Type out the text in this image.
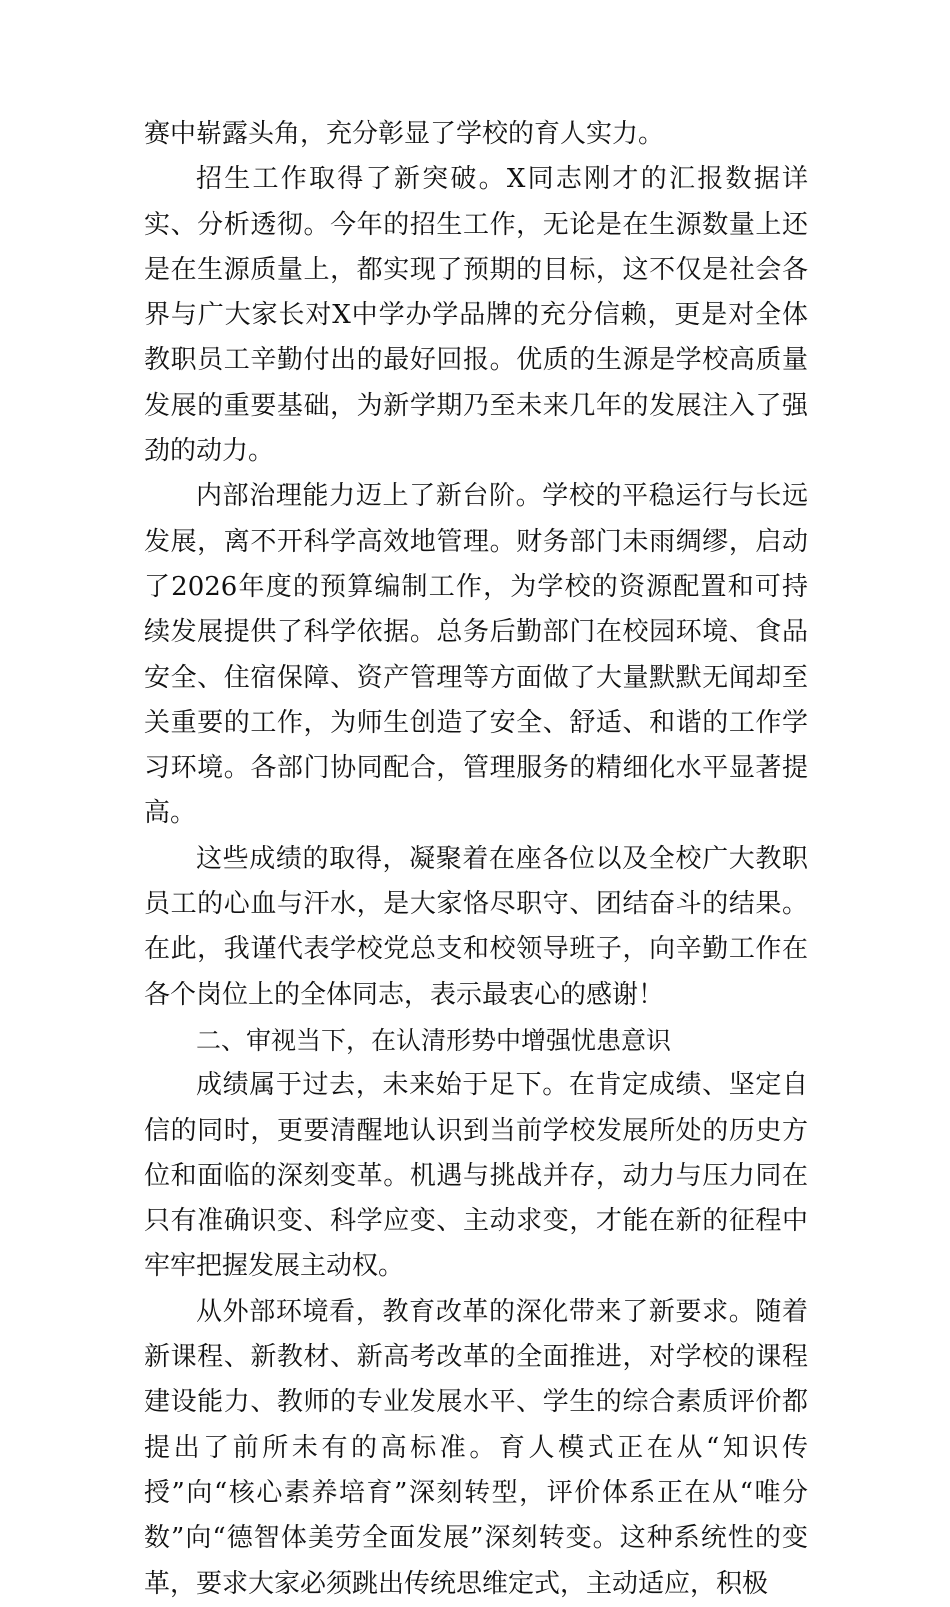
赛中崭露头角，充分彰显了学校的育人实力。

招生工作取得了新突破。X同志刚才的汇报数据详实、分析透彻。今年的招生工作，无论是在生源数量上还是在生源质量上，都实现了预期的目标，这不仅是社会各界与广大家长对X中学办学品牌的充分信赖，更是对全体教职员工辛勤付出的最好回报。优质的生源是学校高质量发展的重要基础，为新学期乃至未来几年的发展注入了强劲的动力。

内部治理能力迈上了新台阶。学校的平稳运行与长远发展，离不开科学高效地管理。财务部门未雨绸缪，启动了2026年度的预算编制工作，为学校的资源配置和可持续发展提供了科学依据。总务后勤部门在校园环境、食品安全、住宿保障、资产管理等方面做了大量默默无闻却至关重要的工作，为师生创造了安全、舒适、和谐的工作学习环境。各部门协同配合，管理服务的精细化水平显著提高。

这些成绩的取得，凝聚着在座各位以及全校广大教职员工的心血与汗水，是大家恪尽职守、团结奋斗的结果。在此，我谨代表学校党总支和校领导班子，向辛勤工作在各个岗位上的全体同志，表示最衷心的感谢！

二、审视当下，在认清形势中增强忧患意识

成绩属于过去，未来始于足下。在肯定成绩、坚定自信的同时，更要清醒地认识到当前学校发展所处的历史方位和面临的深刻变革。机遇与挑战并存，动力与压力同在只有准确识变、科学应变、主动求变，才能在新的征程中牢牢把握发展主动权。

从外部环境看，教育改革的深化带来了新要求。随着新课程、新教材、新高考改革的全面推进，对学校的课程建设能力、教师的专业发展水平、学生的综合素质评价都提出了前所未有的高标准。育人模式正在从“知识传授”向“核心素养培育”深刻转型，评价体系正在从“唯分数”向“德智体美劳全面发展”深刻转变。这种系统性的变革，要求大家必须跳出传统思维定式，主动适应，积极
